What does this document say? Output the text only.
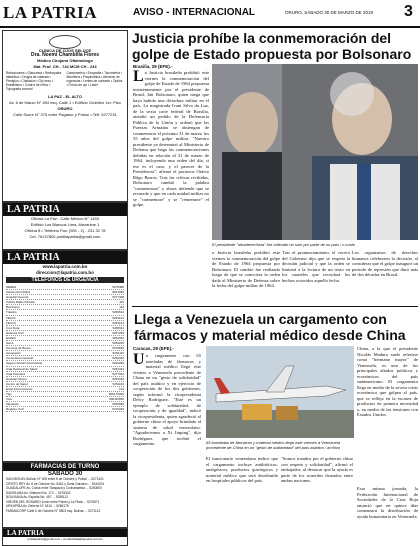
LA PATRIA	AVISO - INTERNACIONAL	ORURO, SÁBADO 30 DE MARZO DE 2019 3
CLÍNICA DE OJOS SELUCE
Dra. Noemi Chambilla Flores
Médico Cirujano Oftalmólogo
Mat. Prof. CH - 744 MCM CH - 233
Refracciones • Glaucoma • Retinopatía diabética • Cirugía de catarata • Pterigión • Chalazión • Ojo seco • Estrabismo • Control de niños • Topografía corneal
Campimetría • Ecografía • Tonometría • Biometría • Paquimetría • Atención de urgencias • Lentes de contacto • Óptica • Fondo de ojo • Láser
LA PAZ - EL ALTO
Av. 6 de Marzo N° 284 esq. Calle 1 • Edificio Ordóñez 1er. Piso
ORURO
Calle Sucre N° 375 entre Pagador y Potosí • Telf. 5277231
LA PATRIA
Oficina La Paz - Calle México N° 1403
Edificio Los Blancos Lima, Mezanine 1
Oficina 8 • Teléfono Fax: (591 - 2) - 231 32 78
Cel. 76137800 publilapatria@gmail.com
LA PATRIA
www.lapatria.com.bo
direccion@lapatria.com.bo
TELÉFONOS DE URGENCIA
SEDES	5275480
Asistencia Pública	5251999
Hospital General	5277408
Policía Radio Patrulla	110
Bomberos	119
Tránsito	5250512
FELCC	5253101
FELCN	5253131
Cruz Roja	5250511
Defensa Civil	5257260
ELFEO	5252022
SeLA	5250225
Terminal de Buses	5279535
Aeropuerto	5252110
Cementerio General	5256340
Seguro Social Universitario	5246250
Caja Nacional de Salud	5254444
Caja Petrolera	5277320
Hospital Obrero	5253330
Centro de Salud	5251160
Entel Informaciones	104
Tigo	800175000
Viva	800115656
Migración	5256680
Registro Civil	5270236
FARMACIAS DE TURNO
SÁBADO 30
SAN MIGUEL Bolívar N° 405 entre 6 de Octubre y Potosí ... 5271401
CRISTO REY Av. 6 de Octubre No. 5461 y Soria Galvarro ... 5244001
GUADALUPE Av. Cívica entre Tarapacá y Cochabamba ... 5250800
SANTA ANA Av. Villarroel No. 172 ... 5276342
BOLIVIANA Av. España No. 457 ... 5256112
VIRGEN DEL ROSARIO Junín entre Potosí y La Plata ... 5276571
URKUPIÑA Av. Dehene N° 1810 ... 5265175
FARMACORP Calle 6 de Octubre N° 5803 esq. Bolívar ... 5271122
LA PATRIA
publilapatria@gmail.com • contabilidad@lapatria.com.bo
Justicia prohíbe la conmemoración del golpe de Estado propuesta por Bolsonaro
Brasilia, 29 (EFE).-
La Justicia brasileña prohibió este viernes la conmemoración del golpe de Estado de 1964 propuesta insistentemente por el presidente de Brasil, Jair Bolsonaro, quien niega que haya habido una dictadura militar en el país. La magistrada Ivani Silva da Luz, de la sexta corte federal de Brasilia, atendió un pedido de la Defensoría Pública de la Unión y ordenó que las Fuerzas Armadas se abstengan de conmemorar el próximo 31 de marzo los 55 años del golpe militar. "Nuestro presidente ya determinó al Ministerio de Defensa que haga las conmemoraciones debidas en relación al 31 de marzo de 1964, incluyendo una orden del día, si ese es el caso, y el parecer de la Presidencia", afirmó el portavoz Otávio Rêgo Barros. Tras las críticas recibidas, Bolsonaro cambió la palabra "conmemorar" y ahora defiende que se recuerde y que en cada unidad militar no se "conmemore" y se "rememore" el golpe.
El presidente "ultraderechista" fue criticado no solo por parte de su país / c.custo
a Justicia brasileña prohibió este viernes la conmemoración del golpe de Estado de 1964 propuesta por Bolsonaro. El cambio fue realizado luego de que se conociera la orden dada al Ministerio de Defensa sobre la fecha del golpe militar de 1964.
Tras el pronunciamiento, el vocero del Gobierno dijo que se respeta la decisión judicial y que la orden se limitará a la lectura de un texto en los cuarteles que recordará los hechos ocurridos aquella fecha.
Los organismos de derechos humanos celebraron la decisión, al considerar que el golpe inauguró un periodo de represión que duró más de dos décadas en Brasil.
Llega a Venezuela un cargamento con fármacos y material médico desde China
Caracas, 29 (EFE).-
Un cargamento con 65 toneladas de fármacos y material médico llegó este viernes a Venezuela procedente de China en un "gesto de solidaridad" del país asiático y en ejercicio de cooperación de los dos gobiernos, según informó la vicepresidenta Delcy Rodríguez. "Este es un ejemplo de solidaridad, de cooperación y de igualdad", indicó la vicepresidenta, quien agradeció al gobierno chino el apoyo brindado al sistema de salud venezolano. "Agradecemos a Xi Jinping", dijo Rodríguez, que recibió el cargamento.	65 toneladas de fármacos y material médico llegó este viernes a Venezuela procedente de China en un "gesto de solidaridad" del país asiático / archivo
China, a la que el presidente Nicolás Maduro suele referirse como "hermano mayor" de Venezuela, es uno de los principales aliados políticos y económicos del país sudamericano. El cargamento llega en medio de la severa crisis económica que golpea al país, que se refleja en la escasez de productos de primera necesidad y, en medio de las tensiones con Estados Unidos.
El funcionario venezolano indicó que el cargamento incluye antibióticos, analgésicos, productos quirúrgicos y material médico que será distribuido en hospitales públicos del país.
"Somos tratados por el gobierno chino con respeto y solidaridad", afirmó el embajador, al destacar que la ayuda es parte de los acuerdos firmados entre ambas naciones.
Esta misma jornada, la Federación Internacional de Sociedades de la Cruz Roja anunció que en quince días comenzará la distribución de ayuda humanitaria en Venezuela.
